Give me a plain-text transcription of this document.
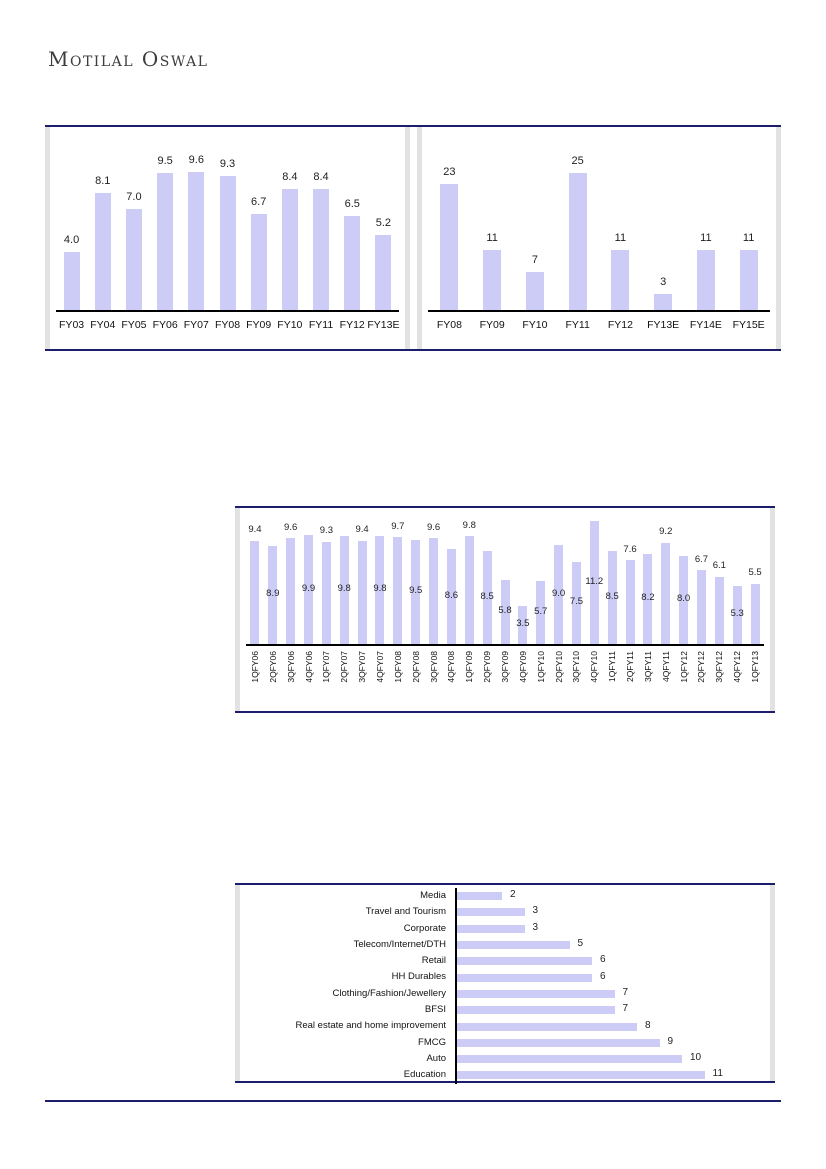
Motilal Oswal
4.0
FY03
8.1
FY04
7.0
FY05
9.5
FY06
9.6
FY07
9.3
FY08
6.7
FY09
8.4
FY10
8.4
FY11
6.5
FY12
5.2
FY13E
23
FY08
11
FY09
7
FY10
25
FY11
11
FY12
3
FY13E
11
FY14E
11
FY15E
9.4
1QFY06
8.9
2QFY06
9.6
3QFY06
9.9
4QFY06
9.3
1QFY07
9.8
2QFY07
9.4
3QFY07
9.8
4QFY07
9.7
1QFY08
9.5
2QFY08
9.6
3QFY08
8.6
4QFY08
9.8
1QFY09
8.5
2QFY09
5.8
3QFY09
3.5
4QFY09
5.7
1QFY10
9.0
2QFY10
7.5
3QFY10
11.2
4QFY10
8.5
1QFY11
7.6
2QFY11
8.2
3QFY11
9.2
4QFY11
8.0
1QFY12
6.7
2QFY12
6.1
3QFY12
5.3
4QFY12
5.5
1QFY13
Media	2
Travel and Tourism	3
Corporate	3
Telecom/Internet/DTH	5
Retail	6
HH Durables	6
Clothing/Fashion/Jewellery	7
BFSI	7
Real estate and home improvement	8
FMCG	9
Auto	10
Education	11
